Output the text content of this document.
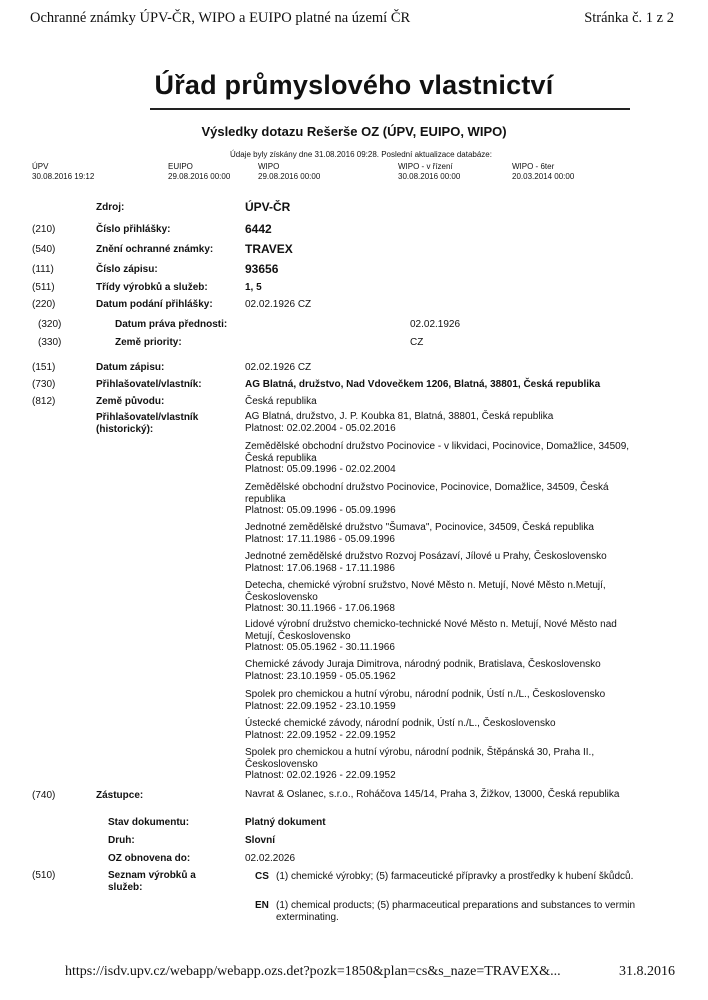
Ochranné známky ÚPV-ČR, WIPO a EUIPO platné na území ČR	Stránka č. 1 z 2
Úřad průmyslového vlastnictví
Výsledky dotazu Rešerše OZ (ÚPV, EUIPO, WIPO)
Údaje byly získány dne 31.08.2016 09:28. Poslední aktualizace databáze:
ÚPV
30.08.2016 19:12
EUIPO
29.08.2016 00:00
WIPO
29.08.2016 00:00
WIPO - v řízení
30.08.2016 00:00
WIPO - 6ter
20.03.2014 00:00
Zdroj:	ÚPV-ČR
(210)	Číslo přihlášky:	6442
(540)	Znění ochranné známky:	TRAVEX
(111)	Číslo zápisu:	93656
(511)	Třídy výrobků a služeb:	1, 5
(220)	Datum podání přihlášky:	02.02.1926 CZ
(320)	Datum práva přednosti:	02.02.1926
(330)	Země priority:	CZ
(151)	Datum zápisu:	02.02.1926 CZ
(730)	Přihlašovatel/vlastník:	AG Blatná, družstvo, Nad Vdovečkem 1206, Blatná, 38801, Česká republika
(812)	Země původu:	Česká republika
Přihlašovatel/vlastník (historický):
AG Blatná, družstvo, J. P. Koubka 81, Blatná, 38801, Česká republika
Platnost: 02.02.2004 - 05.02.2016
Zemědělské obchodní družstvo Pocinovice - v likvidaci, Pocinovice, Domažlice, 34509, Česká republika
Platnost: 05.09.1996 - 02.02.2004
Zemědělské obchodní družstvo Pocinovice, Pocinovice, Domažlice, 34509, Česká republika
Platnost: 05.09.1996 - 05.09.1996
Jednotné zemědělské družstvo "Šumava", Pocinovice, 34509, Česká republika
Platnost: 17.11.1986 - 05.09.1996
Jednotné zemědělské družstvo Rozvoj Posázaví, Jílové u Prahy, Československo
Platnost: 17.06.1968 - 17.11.1986
Detecha, chemické výrobní sružstvo, Nové Město n. Metují, Nové Město n.Metují, Československo
Platnost: 30.11.1966 - 17.06.1968
Lidové výrobní družstvo chemicko-technické Nové Město n. Metují, Nové Město nad Metují, Československo
Platnost: 05.05.1962 - 30.11.1966
Chemické závody Juraja Dimitrova, národný podnik, Bratislava, Československo
Platnost: 23.10.1959 - 05.05.1962
Spolek pro chemickou a hutní výrobu, národní podnik, Ústí n./L., Československo
Platnost: 22.09.1952 - 23.10.1959
Ústecké chemické závody, národní podnik, Ústí n./L., Československo
Platnost: 22.09.1952 - 22.09.1952
Spolek pro chemickou a hutní výrobu, národní podnik, Štěpánská 30, Praha II., Československo
Platnost: 02.02.1926 - 22.09.1952
(740)	Zástupce:	Navrat & Oslanec, s.r.o., Roháčova 145/14, Praha 3, Žižkov, 13000, Česká republika
Stav dokumentu:	Platný dokument
Druh:	Slovní
OZ obnovena do:	02.02.2026
(510)	Seznam výrobků a služeb:
CS (1) chemické výrobky; (5) farmaceutické přípravky a prostředky k hubení škůdců.
EN (1) chemical products; (5) pharmaceutical preparations and substances to vermin exterminating.
https://isdv.upv.cz/webapp/webapp.ozs.det?pozk=1850&plan=cs&s_naze=TRAVEX&...	31.8.2016
